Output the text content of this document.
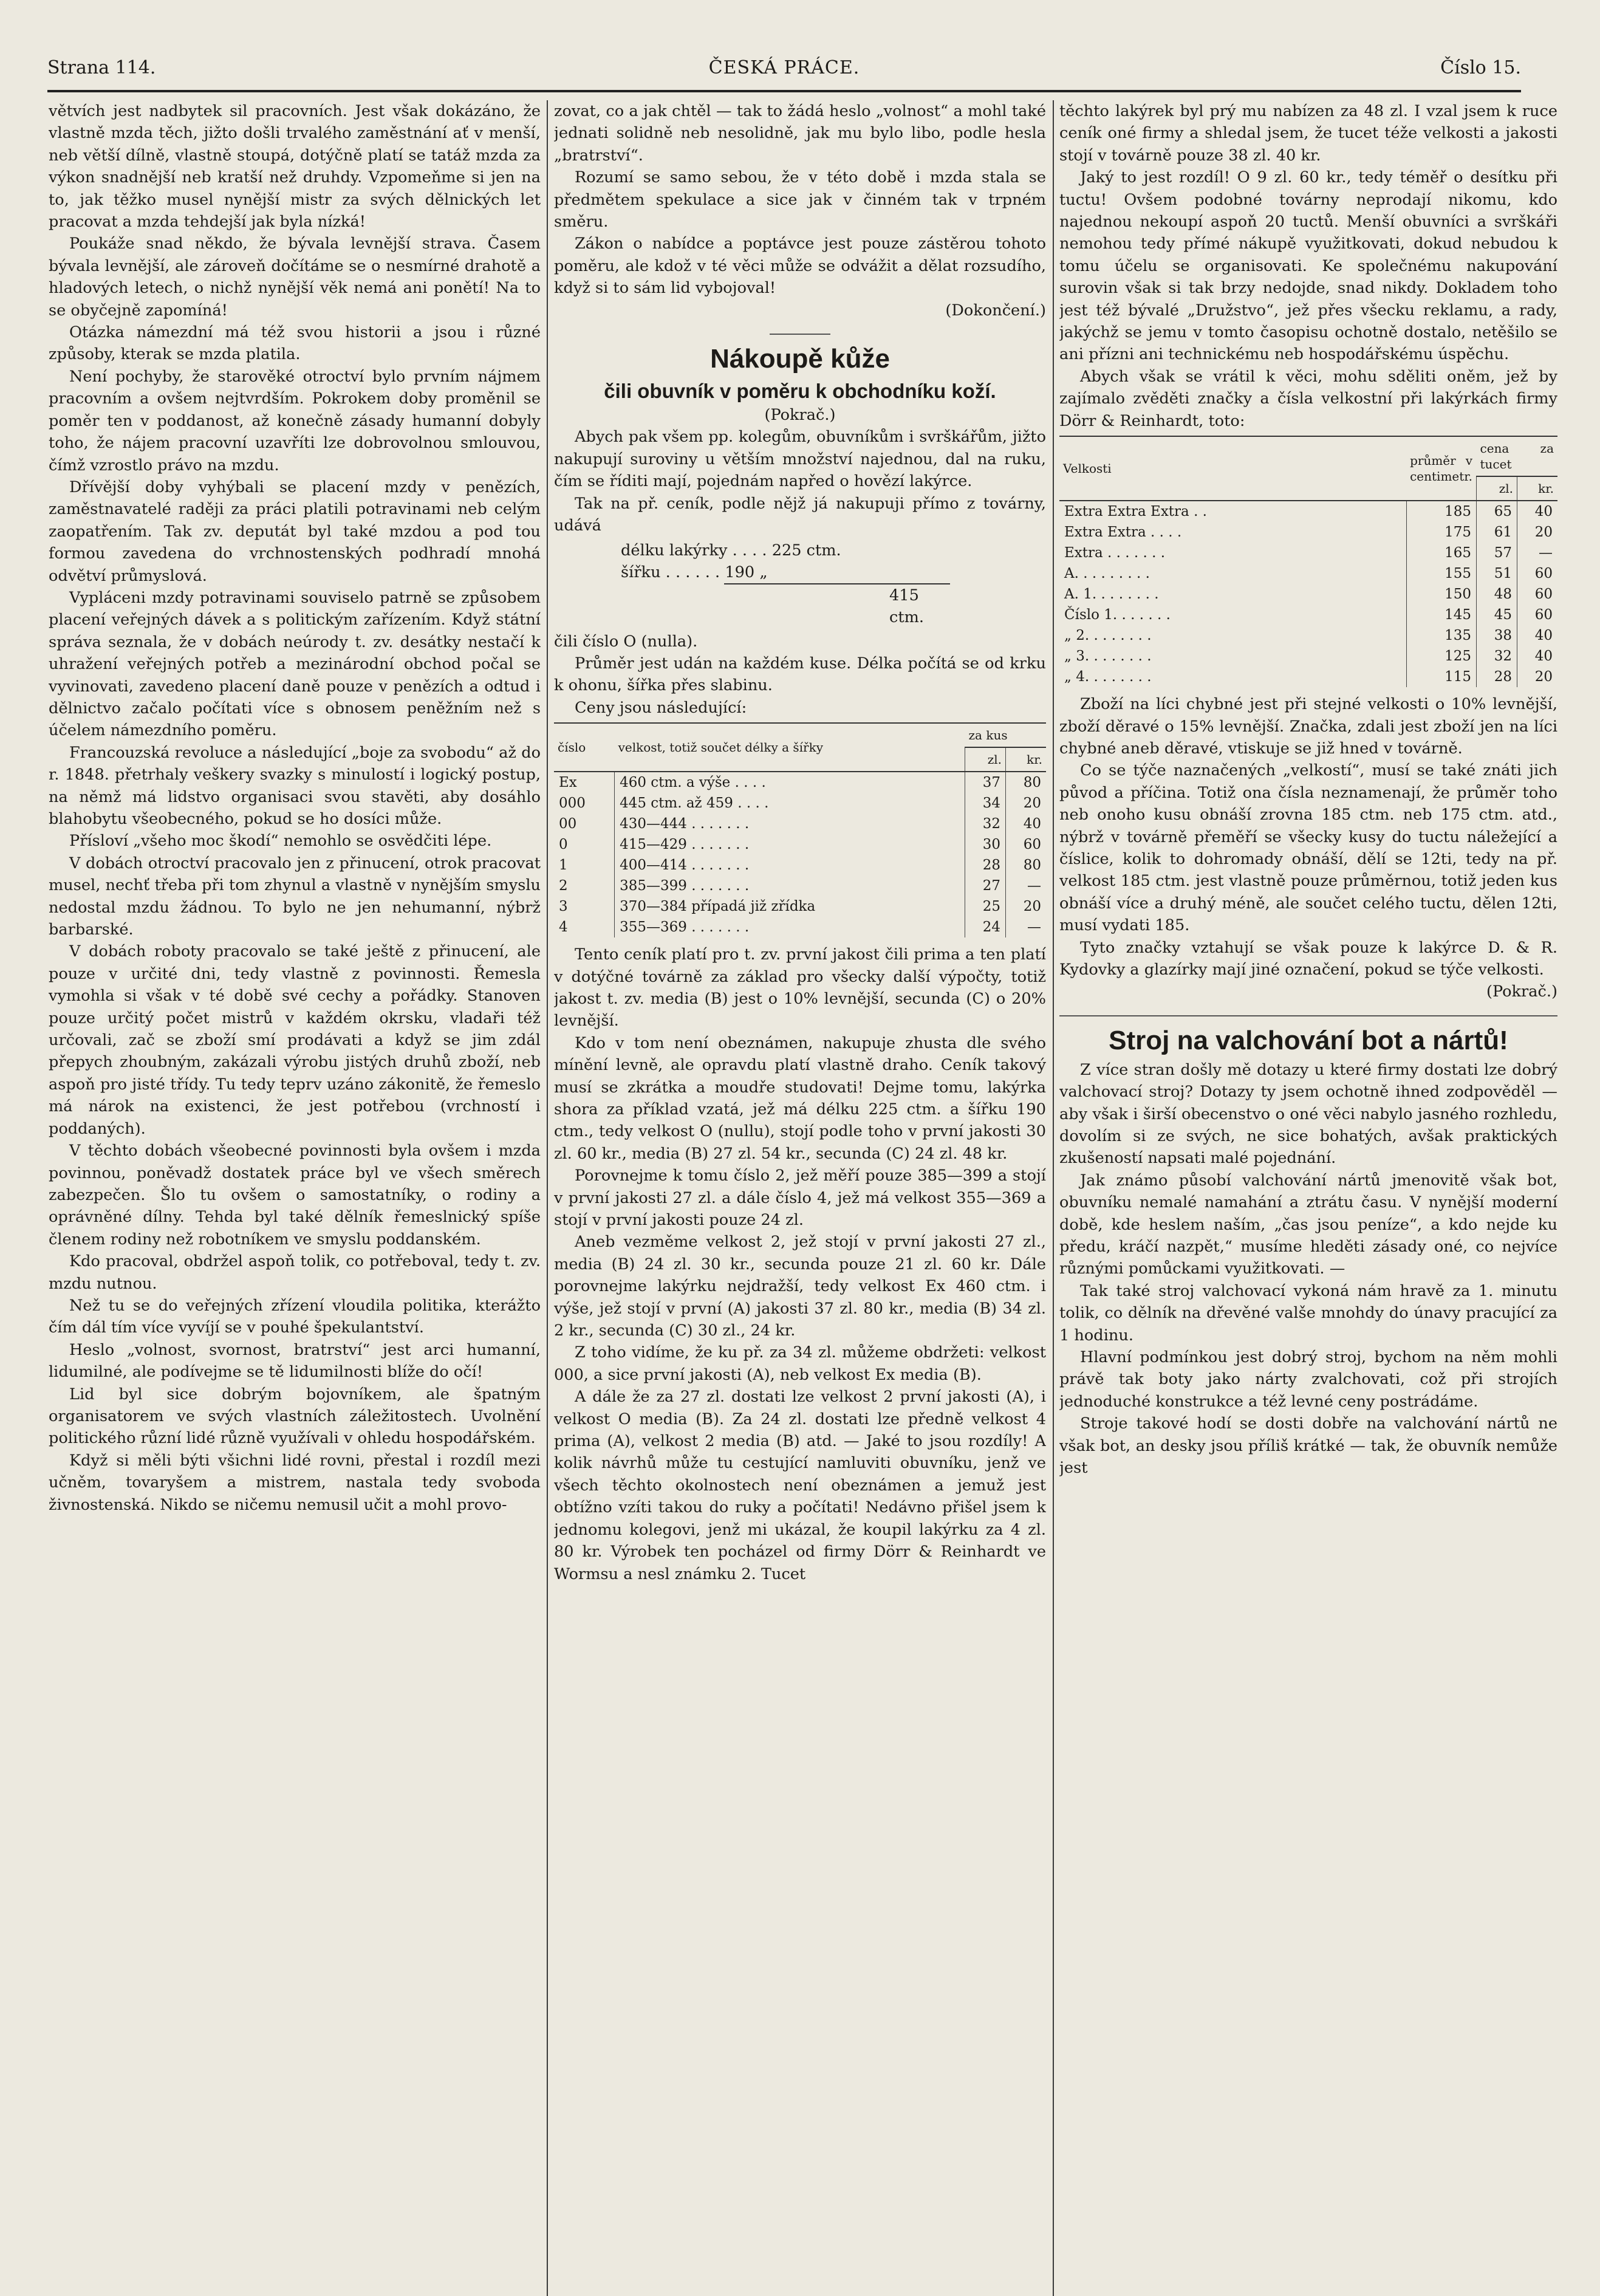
Strana 114.	ČESKÁ PRÁCE.	Číslo 15.

větvích jest nadbytek sil pracovních. Jest však dokázáno, že vlastně mzda těch, jižto došli trvalého zaměstnání ať v menší, neb větší dílně, vlastně stoupá, dotýčně platí se tatáž mzda za výkon snadnější neb kratší než druhdy. Vzpomeňme si jen na to, jak těžko musel nynější mistr za svých dělnických let pracovat a mzda tehdejší jak byla nízká!

Poukáže snad někdo, že bývala levnější strava. Časem bývala levnější, ale zároveň dočítáme se o nesmírné drahotě a hladových letech, o nichž nynější věk nemá ani ponětí! Na to se obyčejně zapomíná!

Otázka námezdní má též svou historii a jsou i různé způsoby, kterak se mzda platila.

Není pochyby, že starověké otroctví bylo prvním nájmem pracovním a ovšem nejtvrdším. Pokrokem doby proměnil se poměr ten v poddanost, až konečně zásady humanní dobyly toho, že nájem pracovní uzavříti lze dobrovolnou smlouvou, čímž vzrostlo právo na mzdu.

Dřívější doby vyhýbali se placení mzdy v penězích, zaměstnavatelé raději za práci platili potravinami neb celým zaopatřením. Tak zv. deputát byl také mzdou a pod tou formou zavedena do vrchnostenských podhradí mnohá odvětví průmyslová.

Vypláceni mzdy potravinami souviselo patrně se způsobem placení veřejných dávek a s politickým zařízením. Když státní správa seznala, že v dobách neúrody t. zv. desátky nestačí k uhražení veřejných potřeb a mezinárodní obchod počal se vyvinovati, zavedeno placení daně pouze v penězích a odtud i dělnictvo začalo počítati více s obnosem peněžním než s účelem námezdního poměru.

Francouzská revoluce a následující „boje za svobodu“ až do r. 1848. přetrhaly veškery svazky s minulostí i logický postup, na němž má lidstvo organisaci svou stavěti, aby dosáhlo blahobytu všeobecného, pokud se ho dosíci může.

Přísloví „všeho moc škodí“ nemohlo se osvědčiti lépe.

V dobách otroctví pracovalo jen z přinucení, otrok pracovat musel, nechť třeba při tom zhynul a vlastně v nynějším smyslu nedostal mzdu žádnou. To bylo ne jen nehumanní, nýbrž barbarské.

V dobách roboty pracovalo se také ještě z přinucení, ale pouze v určité dni, tedy vlastně z povinnosti. Řemesla vymohla si však v té době své cechy a pořádky. Stanoven pouze určitý počet mistrů v každém okrsku, vladaři též určovali, zač se zboží smí prodávati a když se jim zdál přepych zhoubným, zakázali výrobu jistých druhů zboží, neb aspoň pro jisté třídy. Tu tedy teprv uzáno zákonitě, že řemeslo má nárok na existenci, že jest potřebou (vrchností i poddaných).

V těchto dobách všeobecné povinnosti byla ovšem i mzda povinnou, poněvadž dostatek práce byl ve všech směrech zabezpečen. Šlo tu ovšem o samostatníky, o rodiny a oprávněné dílny. Tehda byl také dělník řemeslnický spíše členem rodiny než robotníkem ve smyslu poddanském.

Kdo pracoval, obdržel aspoň tolik, co potřeboval, tedy t. zv. mzdu nutnou.

Než tu se do veřejných zřízení vloudila politika, kterážto čím dál tím více vyvíjí se v pouhé špekulantství.

Heslo „volnost, svornost, bratrství“ jest arci humanní, lidumilné, ale podívejme se tě lidumilnosti blíže do očí!

Lid byl sice dobrým bojovníkem, ale špatným organisatorem ve svých vlastních záležitostech. Uvolnění politického různí lidé různě využívali v ohledu hospodářském.

Když si měli býti všichni lidé rovni, přestal i rozdíl mezi učněm, tovaryšem a mistrem, nastala tedy svoboda živnostenská. Nikdo se ničemu nemusil učit a mohl provo-

zovat, co a jak chtěl — tak to žádá heslo „volnost“ a mohl také jednati solidně neb nesolidně, jak mu bylo libo, podle hesla „bratrství“.

Rozumí se samo sebou, že v této době i mzda stala se předmětem spekulace a sice jak v činném tak v trpném směru.

Zákon o nabídce a poptávce jest pouze zástěrou tohoto poměru, ale kdož v té věci může se odvážit a dělat rozsudího, když si to sám lid vybojoval!

(Dokončení.)

Nákoupě kůže
čili obuvník v poměru k obchodníku koží.

(Pokrač.)

Abych pak všem pp. kolegům, obuvníkům i svrškářům, jižto nakupují suroviny u větším množství najednou, dal na ruku, čím se říditi mají, pojednám napřed o hovězí lakýrce.

Tak na př. ceník, podle nějž já nakupuji přímo z továrny, udává

délku lakýrky . . . . 225 ctm.
šířku . . . . . . 190 „
415 ctm.

čili číslo O (nulla).

Průměr jest udán na každém kuse. Délka počítá se od krku k ohonu, šířka přes slabinu.

Ceny jsou následující:

číslo	velkost, totiž součet délky a šířky	za kus	
		zl.	kr.
Ex	460 ctm. a výše . . . .	37	80
000	445 ctm. až 459 . . . .	34	20
00	430—444 . . . . . . .	32	40
0	415—429 . . . . . . .	30	60
1	400—414 . . . . . . .	28	80
2	385—399 . . . . . . .	27	—
3	370—384 případá již zřídka	25	20
4	355—369 . . . . . . .	24	—

Tento ceník platí pro t. zv. první jakost čili prima a ten platí v dotýčné továrně za základ pro všecky další výpočty, totiž jakost t. zv. media (B) jest o 10% levnější, secunda (C) o 20% levnější.

Kdo v tom není obeznámen, nakupuje zhusta dle svého mínění levně, ale opravdu platí vlastně draho. Ceník takový musí se zkrátka a moudře studovati! Dejme tomu, lakýrka shora za příklad vzatá, jež má délku 225 ctm. a šířku 190 ctm., tedy velkost O (nullu), stojí podle toho v první jakosti 30 zl. 60 kr., media (B) 27 zl. 54 kr., secunda (C) 24 zl. 48 kr.

Porovnejme k tomu číslo 2, jež měří pouze 385—399 a stojí v první jakosti 27 zl. a dále číslo 4, jež má velkost 355—369 a stojí v první jakosti pouze 24 zl.

Aneb vezměme velkost 2, jež stojí v první jakosti 27 zl., media (B) 24 zl. 30 kr., secunda pouze 21 zl. 60 kr. Dále porovnejme lakýrku nejdražší, tedy velkost Ex 460 ctm. i výše, jež stojí v první (A) jakosti 37 zl. 80 kr., media (B) 34 zl. 2 kr., secunda (C) 30 zl., 24 kr.

Z toho vidíme, že ku př. za 34 zl. můžeme obdržeti: velkost 000, a sice první jakosti (A), neb velkost Ex media (B).

A dále že za 27 zl. dostati lze velkost 2 první jakosti (A), i velkost O media (B). Za 24 zl. dostati lze předně velkost 4 prima (A), velkost 2 media (B) atd. — Jaké to jsou rozdíly! A kolik návrhů může tu cestující namluviti obuvníku, jenž ve všech těchto okolnostech není obeznámen a jemuž jest obtížno vzíti takou do ruky a počítati! Nedávno přišel jsem k jednomu kolegovi, jenž mi ukázal, že koupil lakýrku za 4 zl. 80 kr. Výrobek ten pocházel od firmy Dörr & Reinhardt ve Wormsu a nesl známku 2. Tucet

těchto lakýrek byl prý mu nabízen za 48 zl. I vzal jsem k ruce ceník oné firmy a shledal jsem, že tucet téže velkosti a jakosti stojí v továrně pouze 38 zl. 40 kr.

Jaký to jest rozdíl! O 9 zl. 60 kr., tedy téměř o desítku při tuctu! Ovšem podobné továrny neprodají nikomu, kdo najednou nekoupí aspoň 20 tuctů. Menší obuvníci a svrškáři nemohou tedy přímé nákupě využitkovati, dokud nebudou k tomu účelu se organisovati. Ke společnému nakupování surovin však si tak brzy nedojde, snad nikdy. Dokladem toho jest též bývalé „Družstvo“, jež přes všecku reklamu, a rady, jakýchž se jemu v tomto časopisu ochotně dostalo, netěšilo se ani přízni ani technickému neb hospodářskému úspěchu.

Abych však se vrátil k věci, mohu sděliti oněm, jež by zajímalo zvěděti značky a čísla velkostní při lakýrkách firmy Dörr & Reinhardt, toto:

Velkosti	průměr v centimetr.	cena za tucet	
		zl.	kr.
Extra Extra Extra . .	185	65	40
Extra Extra . . . .	175	61	20
Extra . . . . . . .	165	57	—
A. . . . . . . . .	155	51	60
A. 1. . . . . . . .	150	48	60
Číslo 1. . . . . . .	145	45	60
„ 2. . . . . . . .	135	38	40
„ 3. . . . . . . .	125	32	40
„ 4. . . . . . . .	115	28	20

Zboží na líci chybné jest při stejné velkosti o 10% levnější, zboží děravé o 15% levnější. Značka, zdali jest zboží jen na líci chybné aneb děravé, vtiskuje se již hned v továrně.

Co se týče naznačených „velkostí“, musí se také znáti jich původ a příčina. Totiž ona čísla neznamenají, že průměr toho neb onoho kusu obnáší zrovna 185 ctm. neb 175 ctm. atd., nýbrž v továrně přeměří se všecky kusy do tuctu náležející a číslice, kolik to dohromady obnáší, dělí se 12ti, tedy na př. velkost 185 ctm. jest vlastně pouze průměrnou, totiž jeden kus obnáší více a druhý méně, ale součet celého tuctu, dělen 12ti, musí vydati 185.

Tyto značky vztahují se však pouze k lakýrce D. & R. Kydovky a glazírky mají jiné označení, pokud se týče velkosti.

(Pokrač.)

Stroj na valchování bot a nártů!

Z více stran došly mě dotazy u které firmy dostati lze dobrý valchovací stroj? Dotazy ty jsem ochotně ihned zodpověděl — aby však i širší obecenstvo o oné věci nabylo jasného rozhledu, dovolím si ze svých, ne sice bohatých, avšak praktických zkušeností napsati malé pojednání.

Jak známo působí valchování nártů jmenovitě však bot, obuvníku nemalé namahání a ztrátu času. V nynější moderní době, kde heslem naším, „čas jsou peníze“, a kdo nejde ku předu, kráčí nazpět,“ musíme hleděti zásady oné, co nejvíce různými pomůckami využitkovati. —

Tak také stroj valchovací vykoná nám hravě za 1. minutu tolik, co dělník na dřevěné valše mnohdy do únavy pracující za 1 hodinu.

Hlavní podmínkou jest dobrý stroj, bychom na něm mohli právě tak boty jako nárty zvalchovati, což při strojích jednoduché konstrukce a též levné ceny postrádáme.

Stroje takové hodí se dosti dobře na valchování nártů ne však bot, an desky jsou příliš krátké — tak, že obuvník nemůže jest
